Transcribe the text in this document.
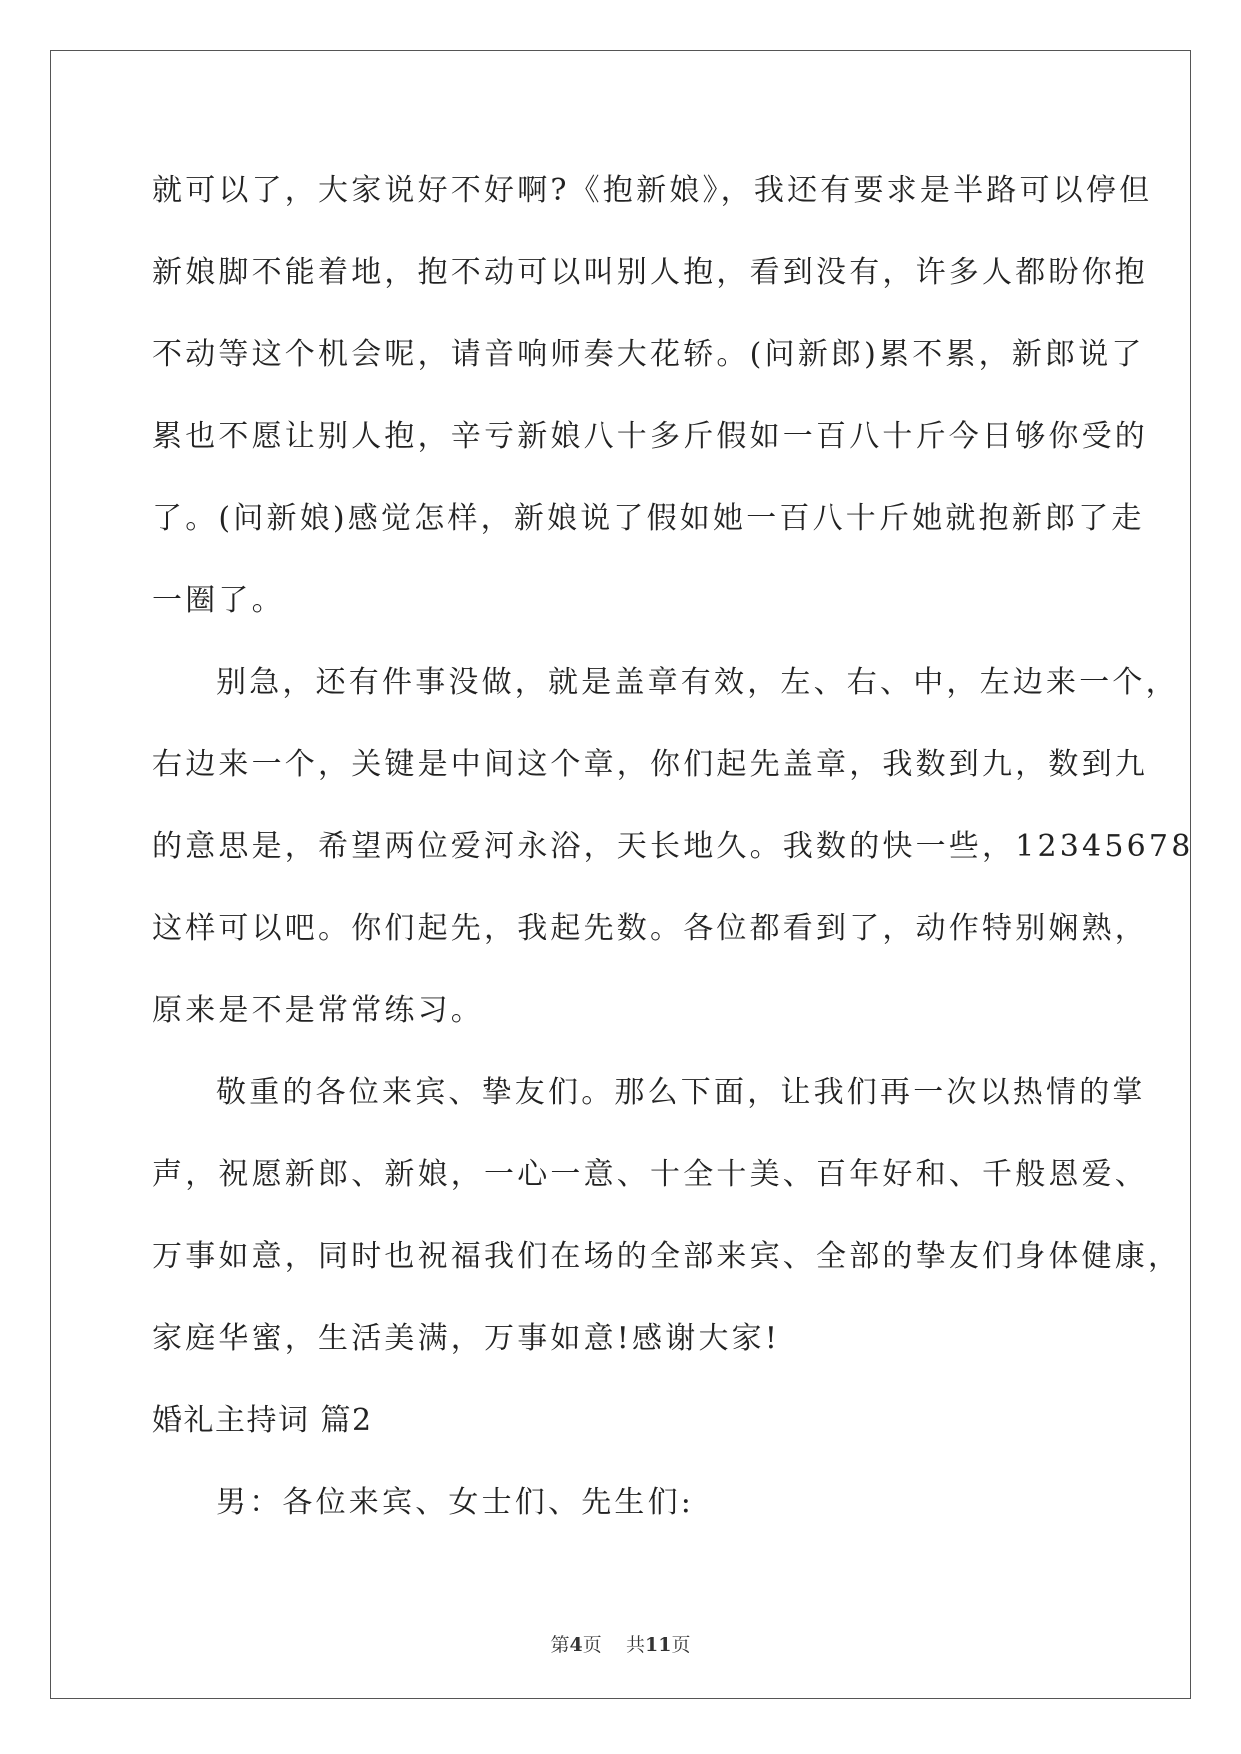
就可以了，大家说好不好啊?《抱新娘》，我还有要求是半路可以停但
新娘脚不能着地，抱不动可以叫别人抱，看到没有，许多人都盼你抱
不动等这个机会呢，请音响师奏大花轿。(问新郎)累不累，新郎说了
累也不愿让别人抱，辛亏新娘八十多斤假如一百八十斤今日够你受的
了。(问新娘)感觉怎样，新娘说了假如她一百八十斤她就抱新郎了走
一圈了。
别急，还有件事没做，就是盖章有效，左、右、中，左边来一个，
右边来一个，关键是中间这个章，你们起先盖章，我数到九，数到九
的意思是，希望两位爱河永浴，天长地久。我数的快一些，12345678
这样可以吧。你们起先，我起先数。各位都看到了，动作特别娴熟，
原来是不是常常练习。
敬重的各位来宾、挚友们。那么下面，让我们再一次以热情的掌
声，祝愿新郎、新娘，一心一意、十全十美、百年好和、千般恩爱、
万事如意，同时也祝福我们在场的全部来宾、全部的挚友们身体健康，
家庭华蜜，生活美满，万事如意!感谢大家!
婚礼主持词 篇2
男：各位来宾、女士们、先生们:
第4页 共11页
